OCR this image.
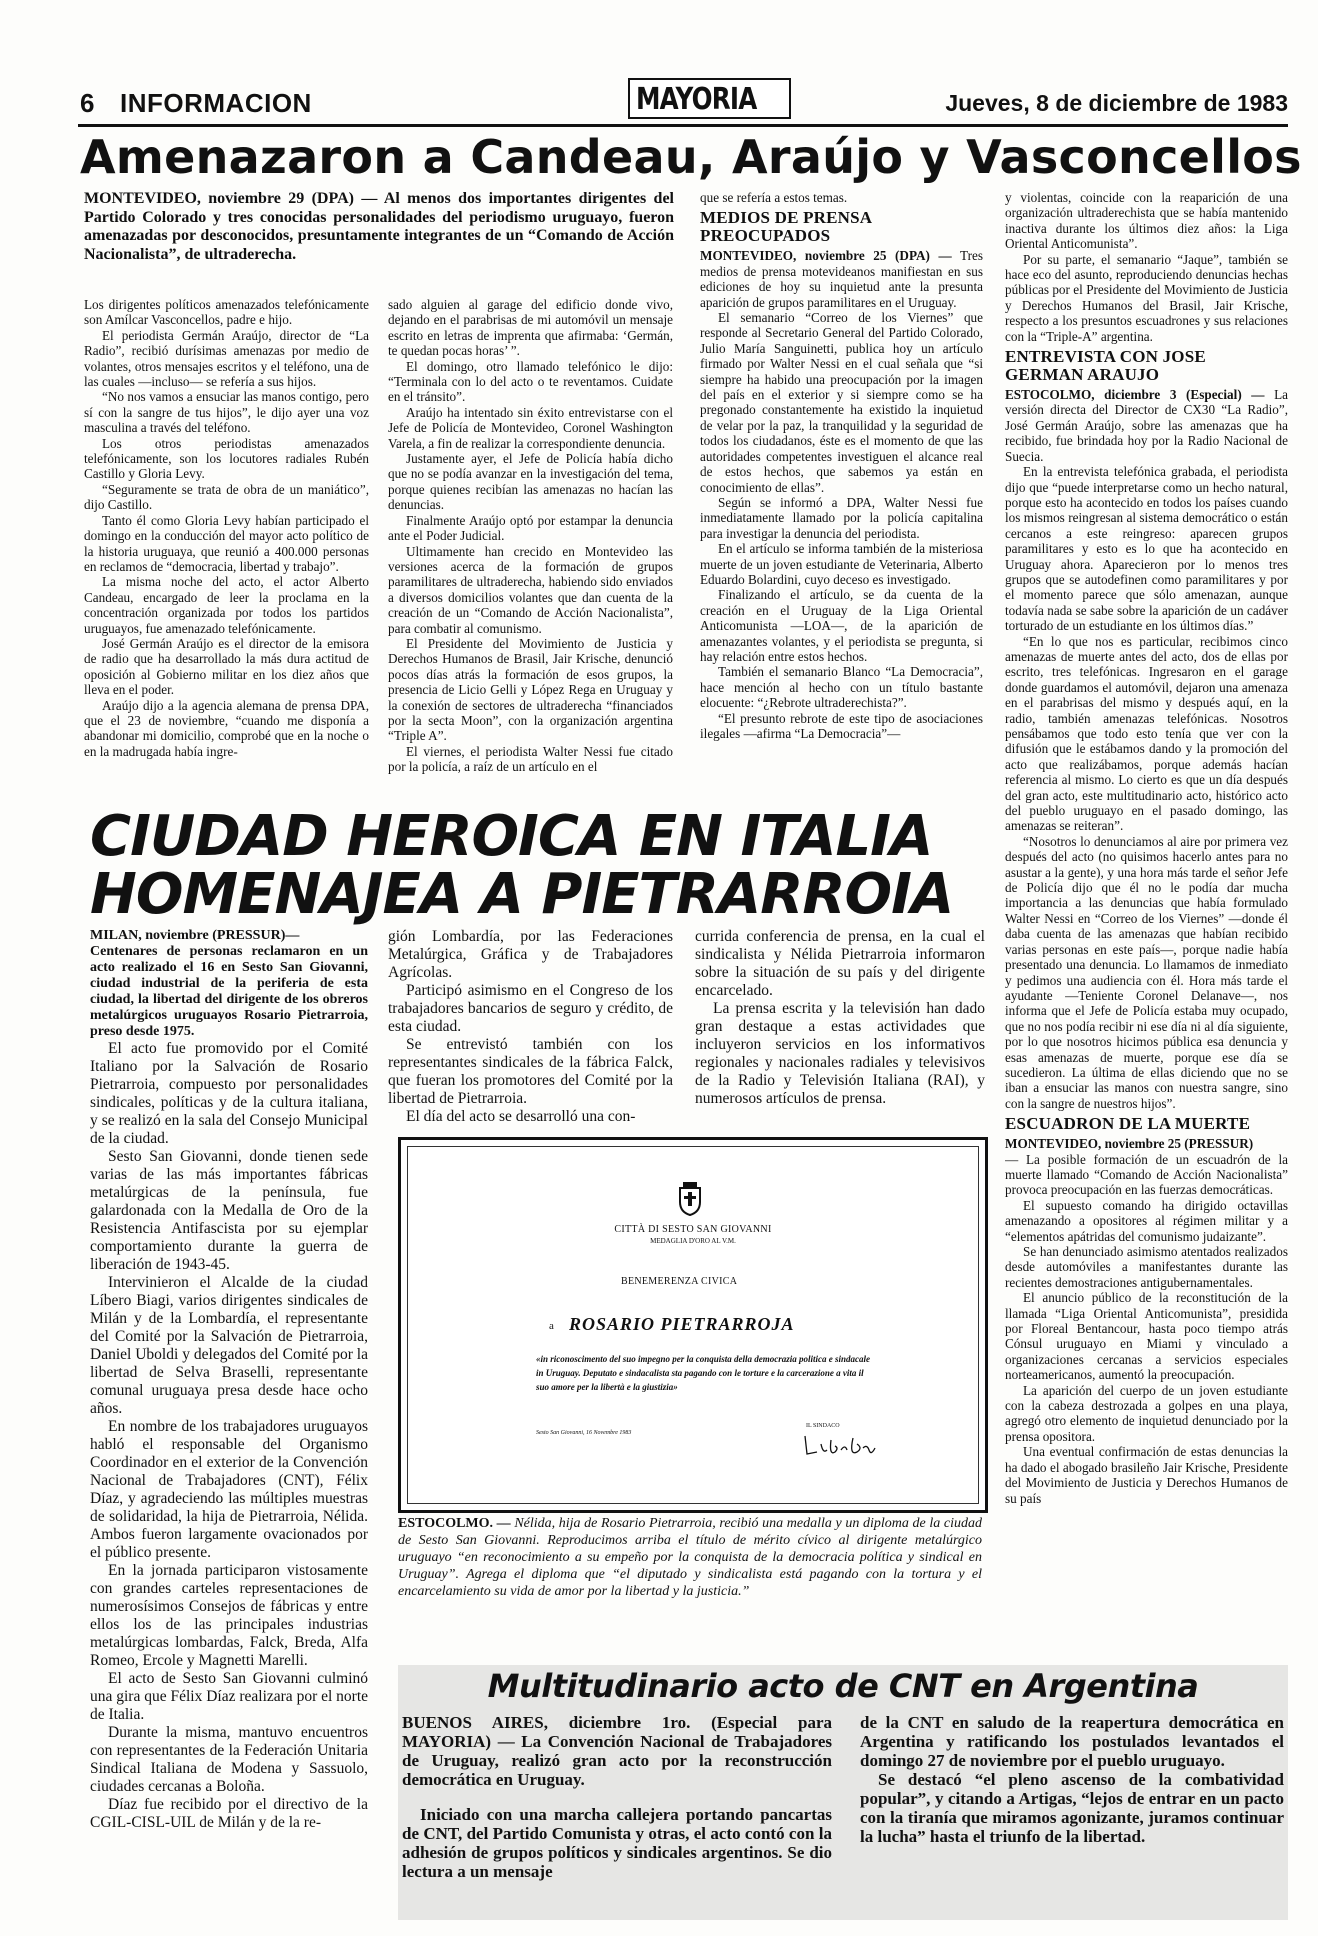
6 INFORMACION	MAYORIA	Jueves, 8 de diciembre de 1983
Amenazaron a Candeau, Araújo y Vasconcellos

MONTEVIDEO, noviembre 29 (DPA) — Al menos dos importantes dirigentes del Partido Colorado y tres conocidas personalidades del periodismo uruguayo, fueron amenazadas por desconocidos, presuntamente integrantes de un “Comando de Acción Nacionalista”, de ultraderecha.

Los dirigentes políticos amenazados telefónicamente son Amílcar Vasconcellos, padre e hijo.

El periodista Germán Araújo, director de “La Radio”, recibió durísimas amenazas por medio de volantes, otros mensajes escritos y el teléfono, una de las cuales —incluso— se refería a sus hijos.

“No nos vamos a ensuciar las manos contigo, pero sí con la sangre de tus hijos”, le dijo ayer una voz masculina a través del teléfono.

Los otros periodistas amenazados telefónicamente, son los locutores radiales Rubén Castillo y Gloria Levy.

“Seguramente se trata de obra de un maniático”, dijo Castillo.

Tanto él como Gloria Levy habían participado el domingo en la conducción del mayor acto político de la historia uruguaya, que reunió a 400.000 personas en reclamos de “democracia, libertad y trabajo”.

La misma noche del acto, el actor Alberto Candeau, encargado de leer la proclama en la concentración organizada por todos los partidos uruguayos, fue amenazado telefónicamente.

José Germán Araújo es el director de la emisora de radio que ha desarrollado la más dura actitud de oposición al Gobierno militar en los diez años que lleva en el poder.

Araújo dijo a la agencia alemana de prensa DPA, que el 23 de noviembre, “cuando me disponía a abandonar mi domicilio, comprobé que en la noche o en la madrugada había ingre-

sado alguien al garage del edificio donde vivo, dejando en el parabrisas de mi automóvil un mensaje escrito en letras de imprenta que afirmaba: ‘Germán, te quedan pocas horas’ ”.

El domingo, otro llamado telefónico le dijo: “Terminala con lo del acto o te reventamos. Cuidate en el tránsito”.

Araújo ha intentado sin éxito entrevistarse con el Jefe de Policía de Montevideo, Coronel Washington Varela, a fin de realizar la correspondiente denuncia.

Justamente ayer, el Jefe de Policía había dicho que no se podía avanzar en la investigación del tema, porque quienes recibían las amenazas no hacían las denuncias.

Finalmente Araújo optó por estampar la denuncia ante el Poder Judicial.

Ultimamente han crecido en Montevideo las versiones acerca de la formación de grupos paramilitares de ultraderecha, habiendo sido enviados a diversos domicilios volantes que dan cuenta de la creación de un “Comando de Acción Nacionalista”, para combatir al comunismo.

El Presidente del Movimiento de Justicia y Derechos Humanos de Brasil, Jair Krische, denunció pocos días atrás la formación de esos grupos, la presencia de Licio Gelli y López Rega en Uruguay y la conexión de sectores de ultraderecha “financiados por la secta Moon”, con la organización argentina “Triple A”.

El viernes, el periodista Walter Nessi fue citado por la policía, a raíz de un artículo en el

que se refería a estos temas.

MEDIOS DE PRENSA PREOCUPADOS

MONTEVIDEO, noviembre 25 (DPA) — Tres medios de prensa motevideanos manifiestan en sus ediciones de hoy su inquietud ante la presunta aparición de grupos paramilitares en el Uruguay.

El semanario “Correo de los Viernes” que responde al Secretario General del Partido Colorado, Julio María Sanguinetti, publica hoy un artículo firmado por Walter Nessi en el cual señala que “si siempre ha habido una preocupación por la imagen del país en el exterior y si siempre como se ha pregonado constantemente ha existido la inquietud de velar por la paz, la tranquilidad y la seguridad de todos los ciudadanos, éste es el momento de que las autoridades competentes investiguen el alcance real de estos hechos, que sabemos ya están en conocimiento de ellas”.

Según se informó a DPA, Walter Nessi fue inmediatamente llamado por la policía capitalina para investigar la denuncia del periodista.

En el artículo se informa también de la misteriosa muerte de un joven estudiante de Veterinaria, Alberto Eduardo Bolardini, cuyo deceso es investigado.

Finalizando el artículo, se da cuenta de la creación en el Uruguay de la Liga Oriental Anticomunista —LOA—, de la aparición de amenazantes volantes, y el periodista se pregunta, si hay relación entre estos hechos.

También el semanario Blanco “La Democracia”, hace mención al hecho con un título bastante elocuente: “¿Rebrote ultraderechista?”.

“El presunto rebrote de este tipo de asociaciones ilegales —afirma “La Democracia”—

y violentas, coincide con la reaparición de una organización ultraderechista que se había mantenido inactiva durante los últimos diez años: la Liga Oriental Anticomunista”.

Por su parte, el semanario “Jaque”, también se hace eco del asunto, reproduciendo denuncias hechas públicas por el Presidente del Movimiento de Justicia y Derechos Humanos del Brasil, Jair Krische, respecto a los presuntos escuadrones y sus relaciones con la “Triple-A” argentina.

ENTREVISTA CON JOSE GERMAN ARAUJO

ESTOCOLMO, diciembre 3 (Especial) — La versión directa del Director de CX30 “La Radio”, José Germán Araújo, sobre las amenazas que ha recibido, fue brindada hoy por la Radio Nacional de Suecia.

En la entrevista telefónica grabada, el periodista dijo que “puede interpretarse como un hecho natural, porque esto ha acontecido en todos los países cuando los mismos reingresan al sistema democrático o están cercanos a este reingreso: aparecen grupos paramilitares y esto es lo que ha acontecido en Uruguay ahora. Aparecieron por lo menos tres grupos que se autodefinen como paramilitares y por el momento parece que sólo amenazan, aunque todavía nada se sabe sobre la aparición de un cadáver torturado de un estudiante en los últimos días.”

“En lo que nos es particular, recibimos cinco amenazas de muerte antes del acto, dos de ellas por escrito, tres telefónicas. Ingresaron en el garage donde guardamos el automóvil, dejaron una amenaza en el parabrisas del mismo y después aquí, en la radio, también amenazas telefónicas. Nosotros pensábamos que todo esto tenía que ver con la difusión que le estábamos dando y la promoción del acto que realizábamos, porque además hacían referencia al mismo. Lo cierto es que un día después del gran acto, este multitudinario acto, histórico acto del pueblo uruguayo en el pasado domingo, las amenazas se reiteran”.

“Nosotros lo denunciamos al aire por primera vez después del acto (no quisimos hacerlo antes para no asustar a la gente), y una hora más tarde el señor Jefe de Policía dijo que él no le podía dar mucha importancia a las denuncias que había formulado Walter Nessi en “Correo de los Viernes” —donde él daba cuenta de las amenazas que habían recibido varias personas en este país—, porque nadie había presentado una denuncia. Lo llamamos de inmediato y pedimos una audiencia con él. Hora más tarde el ayudante —Teniente Coronel Delanave—, nos informa que el Jefe de Policía estaba muy ocupado, que no nos podía recibir ni ese día ni al día siguiente, por lo que nosotros hicimos pública esa denuncia y esas amenazas de muerte, porque ese día se sucedieron. La última de ellas diciendo que no se iban a ensuciar las manos con nuestra sangre, sino con la sangre de nuestros hijos”.

ESCUADRON DE LA MUERTE

MONTEVIDEO, noviembre 25 (PRESSUR)

— La posible formación de un escuadrón de la muerte llamado “Comando de Acción Nacionalista” provoca preocupación en las fuerzas democráticas.

El supuesto comando ha dirigido octavillas amenazando a opositores al régimen militar y a “elementos apátridas del comunismo judaizante”.

Se han denunciado asimismo atentados realizados desde automóviles a manifestantes durante las recientes demostraciones antigubernamentales.

El anuncio público de la reconstitución de la llamada “Liga Oriental Anticomunista”, presidida por Floreal Bentancour, hasta poco tiempo atrás Cónsul uruguayo en Miami y vinculado a organizaciones cercanas a servicios especiales norteamericanos, aumentó la preocupación.

La aparición del cuerpo de un joven estudiante con la cabeza destrozada a golpes en una playa, agregó otro elemento de inquietud denunciado por la prensa opositora.

Una eventual confirmación de estas denuncias la ha dado el abogado brasileño Jair Krische, Presidente del Movimiento de Justicia y Derechos Humanos de su país

CIUDAD HEROICA EN ITALIA
HOMENAJEA A PIETRARROIA

MILAN, noviembre (PRESSUR)—

Centenares de personas reclamaron en un acto realizado el 16 en Sesto San Giovanni, ciudad industrial de la periferia de esta ciudad, la libertad del dirigente de los obreros metalúrgicos uruguayos Rosario Pietrarroia, preso desde 1975.

El acto fue promovido por el Comité Italiano por la Salvación de Rosario Pietrarroia, compuesto por personalidades sindicales, políticas y de la cultura italiana, y se realizó en la sala del Consejo Municipal de la ciudad.

Sesto San Giovanni, donde tienen sede varias de las más importantes fábricas metalúrgicas de la península, fue galardonada con la Medalla de Oro de la Resistencia Antifascista por su ejemplar comportamiento durante la guerra de liberación de 1943-45.

Intervinieron el Alcalde de la ciudad Líbero Biagi, varios dirigentes sindicales de Milán y de la Lombardía, el representante del Comité por la Salvación de Pietrarroia, Daniel Uboldi y delegados del Comité por la libertad de Selva Braselli, representante comunal uruguaya presa desde hace ocho años.

En nombre de los trabajadores uruguayos habló el responsable del Organismo Coordinador en el exterior de la Convención Nacional de Trabajadores (CNT), Félix Díaz, y agradeciendo las múltiples muestras de solidaridad, la hija de Pietrarroia, Nélida. Ambos fueron largamente ovacionados por el público presente.

En la jornada participaron vistosamente con grandes carteles representaciones de numerosísimos Consejos de fábricas y entre ellos los de las principales industrias metalúrgicas lombardas, Falck, Breda, Alfa Romeo, Ercole y Magnetti Marelli.

El acto de Sesto San Giovanni culminó una gira que Félix Díaz realizara por el norte de Italia.

Durante la misma, mantuvo encuentros con representantes de la Federación Unitaria Sindical Italiana de Modena y Sassuolo, ciudades cercanas a Boloña.

Díaz fue recibido por el directivo de la CGIL-CISL-UIL de Milán y de la re-

gión Lombardía, por las Federaciones Metalúrgica, Gráfica y de Trabajadores Agrícolas.

Participó asimismo en el Congreso de los trabajadores bancarios de seguro y crédito, de esta ciudad.

Se entrevistó también con los representantes sindicales de la fábrica Falck, que fueran los promotores del Comité por la libertad de Pietrarroia.

El día del acto se desarrolló una con-

currida conferencia de prensa, en la cual el sindicalista y Nélida Pietrarroia informaron sobre la situación de su país y del dirigente encarcelado.

La prensa escrita y la televisión han dado gran destaque a estas actividades que incluyeron servicios en los informativos regionales y nacionales radiales y televisivos de la Radio y Televisión Italiana (RAI), y numerosos artículos de prensa.

CITTÀ DI SESTO SAN GIOVANNI
MEDAGLIA D'ORO AL V.M.
BENEMERENZA CIVICA
a ROSARIO PIETRARROJA
«in riconoscimento del suo impegno per la conquista della democrazia politica e sindacale in Uruguay. Deputato e sindacalista sta pagando con le torture e la carcerazione a vita il suo amore per la libertà e la giustizia»
Sesto San Giovanni, 16 Novembre 1983
IL SINDACO

ESTOCOLMO. — Nélida, hija de Rosario Pietrarroia, recibió una medalla y un diploma de la ciudad de Sesto San Giovanni. Reproducimos arriba el título de mérito cívico al dirigente metalúrgico uruguayo “en reconocimiento a su empeño por la conquista de la democracia política y sindical en Uruguay”. Agrega el diploma que “el diputado y sindicalista está pagando con la tortura y el encarcelamiento su vida de amor por la libertad y la justicia.”

Multitudinario acto de CNT en Argentina

BUENOS AIRES, diciembre 1ro. (Especial para MAYORIA) — La Convención Nacional de Trabajadores de Uruguay, realizó gran acto por la reconstrucción democrática en Uruguay.

Iniciado con una marcha callejera portando pancartas de CNT, del Partido Comunista y otras, el acto contó con la adhesión de grupos políticos y sindicales argentinos. Se dio lectura a un mensaje

de la CNT en saludo de la reapertura democrática en Argentina y ratificando los postulados levantados el domingo 27 de noviembre por el pueblo uruguayo.

Se destacó “el pleno ascenso de la combatividad popular”, y citando a Artigas, “lejos de entrar en un pacto con la tiranía que miramos agonizante, juramos continuar la lucha” hasta el triunfo de la libertad.
